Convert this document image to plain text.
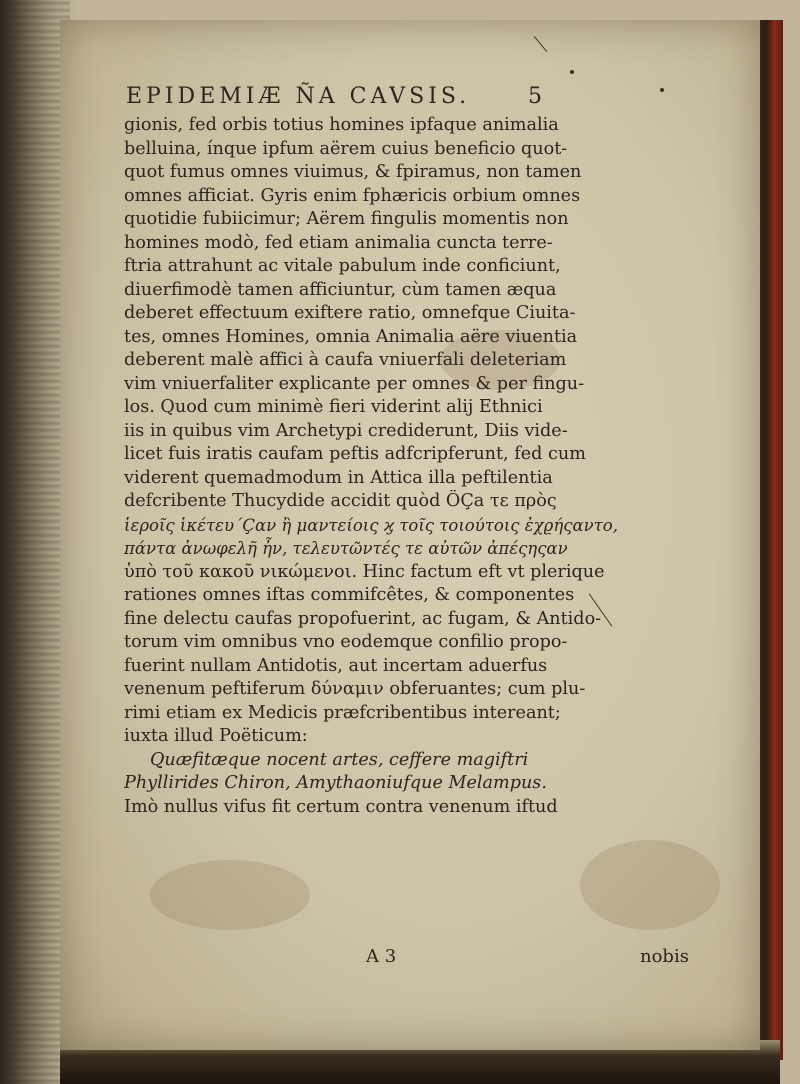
EPIDEMIÆ ÑA CAVSIS.	5
gionis, fed orbis totius homines ipfaque animalia
belluina, ínque ipfum aërem cuius beneficio quot-
quot fumus omnes viuimus, & fpiramus, non tamen
omnes afficiat. Gyris enim fphæricis orbium omnes
quotidie fubiicimur; Aërem fingulis momentis non
homines modò, fed etiam animalia cuncta terre-
ftria attrahunt ac vitale pabulum inde conficiunt,
diuerfimodè tamen afficiuntur, cùm tamen æqua
deberet effectuum exiftere ratio, omnefque Ciuita-
tes, omnes Homines, omnia Animalia aëre viuentia
deberent malè affici à caufa vniuerfali deleteriam
vim vniuerfaliter explicante per omnes & per fingu-
los. Quod cum minimè fieri viderint alij Ethnici
iis in quibus vim Archetypi crediderunt, Diis vide-
licet fuis iratis caufam peftis adfcripferunt, fed cum
viderent quemadmodum in Attica illa peftilentia
defcribente Thucydide accidit quòd Ö́Ça τε πρὸς
ἱεροῖς ἱκέτευ΄Çαν ἢ μαντείοις ϗ τοῖς τοιούτοις ἐχϱήςαντο,
πάντα ἀνωφελῆ ἦν, τελευτῶντές τε αὐτῶν ἀπέςηςαν
ὑπὸ τοῦ κακοῦ νικώμενοι. Hinc factum eft vt plerique
rationes omnes iftas commifcêtes, & componentes
fine delectu caufas propofuerint, ac fugam, & Antido-
torum vim omnibus vno eodemque confilio propo-
fuerint nullam Antidotis, aut incertam aduerfus
venenum peftiferum δύναμιν obferuantes; cum plu-
rimi etiam ex Medicis præfcribentibus intereant;
iuxta illud Poëticum:
Quæfitæque nocent artes, ceffere magiftri
Phyllirides Chiron, Amythaoniufque Melampus.
Imò nullus vifus fit certum contra venenum iftud
A 3	nobis
